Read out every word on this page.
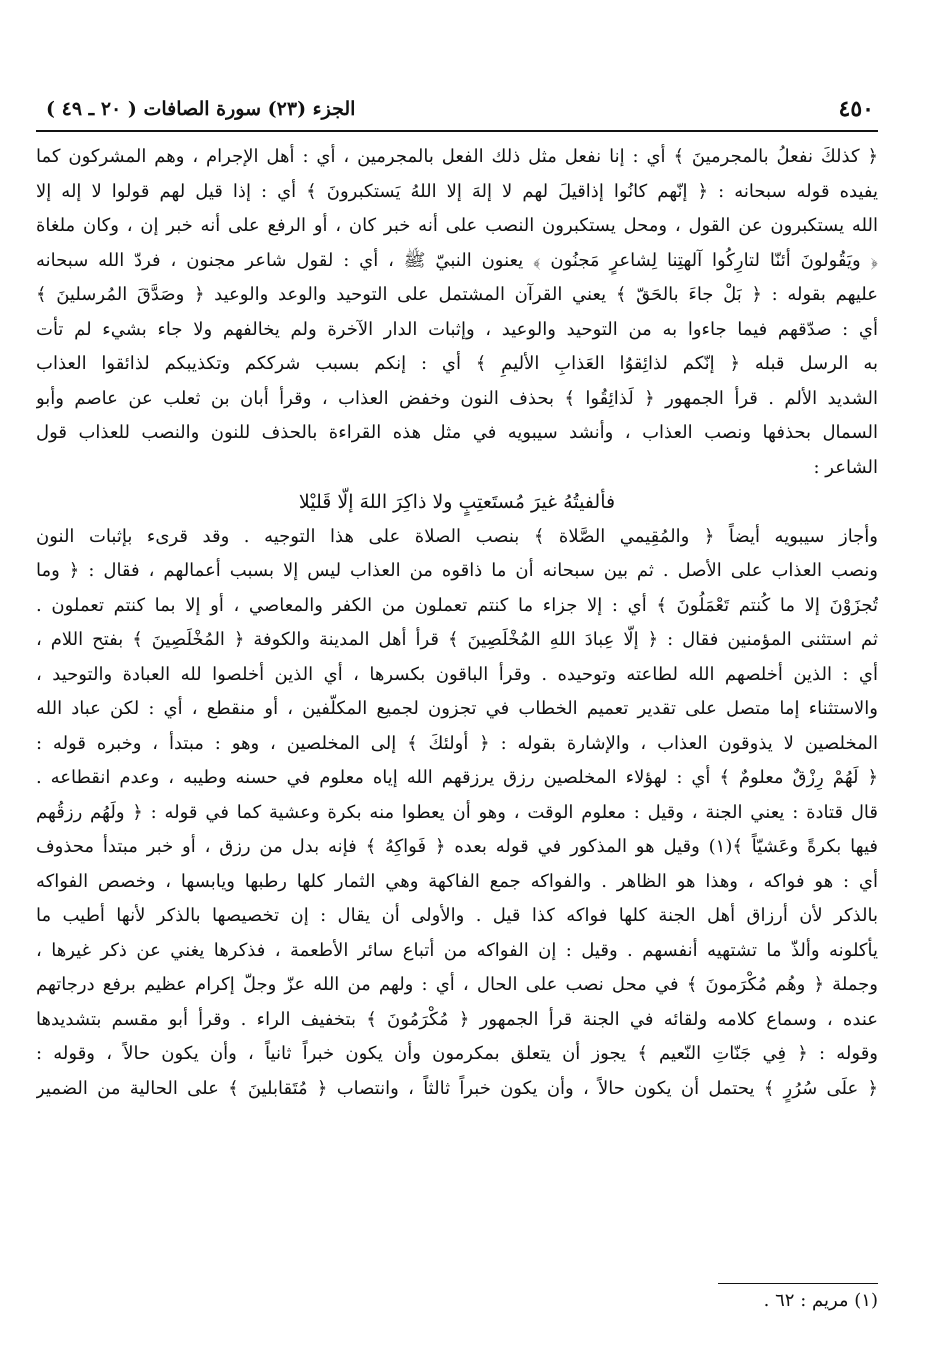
٤٥٠
الجزء (٢٣) سورة الصافات ( ٢٠ ـ ٤٩ )
﴿ كذلكَ نفعلُ بالمجرمينَ ﴾ أي : إنا نفعل مثل ذلك الفعل بالمجرمين ، أي : أهل الإجرام ، وهم المشركون كما
يفيده قوله سبحانه : ﴿ إنّهم كانُوا إذاقيلَ لهم لا إلهَ إلا اللهُ يَستكبرونَ ﴾ أي : إذا قيل لهم قولوا لا إله إلا
الله يستكبرون عن القول ، ومحل يستكبرون النصب على أنه خبر كان ، أو الرفع على أنه خبر إن ، وكان ملغاة
﴿ ويَقُولونَ أئنّا لتارِكُوا آلهتِنا لِشاعرٍ مَجنُون ﴾ يعنون النبيّ ﷺ ، أي : لقول شاعر مجنون ، فردّ الله سبحانه
عليهم بقوله : ﴿ بَلْ جاءَ بالحَقّ ﴾ يعني القرآن المشتمل على التوحيد والوعد والوعيد ﴿ وصَدَّقَ المُرسلينَ ﴾
أي : صدّقهم فيما جاءوا به من التوحيد والوعيد ، وإثبات الدار الآخرة ولم يخالفهم ولا جاء بشيء لم تأت
به الرسل قبله ﴿ إنّكم لذائِقوُا العَذابِ الأليمِ ﴾ أي : إنكم بسبب شرككم وتكذيبكم لذائقوا العذاب
الشديد الألم . قرأ الجمهور ﴿ لَذائِقُوا ﴾ بحذف النون وخفض العذاب ، وقرأ أبان بن ثعلب عن عاصم وأبو
السمال بحذفها ونصب العذاب ، وأنشد سيبويه في مثل هذه القراءة بالحذف للنون والنصب للعذاب قول
الشاعر :
فألفيتُهُ غيرَ مُستَعتِبٍ ولا ذاكِرَ اللهَ إلّا قَليْلا
وأجاز سيبويه أيضاً ﴿ والمُقِيمي الصَّلاة ﴾ بنصب الصلاة على هذا التوجيه . وقد قرىء بإثبات النون
ونصب العذاب على الأصل . ثم بين سبحانه أن ما ذاقوه من العذاب ليس إلا بسبب أعمالهم ، فقال : ﴿ وما
تُجزَوْنَ إلا ما كُنتم تَعْمَلُونَ ﴾ أي : إلا جزاء ما كنتم تعملون من الكفر والمعاصي ، أو إلا بما كنتم تعملون .
ثم استثنى المؤمنين فقال : ﴿ إلّا عِبادَ اللهِ المُخْلَصِينَ ﴾ قرأ أهل المدينة والكوفة ﴿ المُخْلَصِينَ ﴾ بفتح اللام ،
أي : الذين أخلصهم الله لطاعته وتوحيده . وقرأ الباقون بكسرها ، أي الذين أخلصوا لله العبادة والتوحيد ،
والاستثناء إما متصل على تقدير تعميم الخطاب في تجزون لجميع المكلّفين ، أو منقطع ، أي : لكن عباد الله
المخلصين لا يذوقون العذاب ، والإشارة بقوله : ﴿ أولئكَ ﴾ إلى المخلصين ، وهو : مبتدأ ، وخبره قوله :
﴿ لَهُمْ رِزْقٌ معلومٌ ﴾ أي : لهؤلاء المخلصين رزق يرزقهم الله إياه معلوم في حسنه وطيبه ، وعدم انقطاعه .
قال قتادة : يعني الجنة ، وقيل : معلوم الوقت ، وهو أن يعطوا منه بكرة وعشية كما في قوله : ﴿ ولَهُم رزقُهم
فيها بكرةً وعَشيّاً ﴾(١) وقيل هو المذكور في قوله بعده ﴿ فَواكِهُ ﴾ فإنه بدل من رزق ، أو خبر مبتدأ محذوف
أي : هو فواكه ، وهذا هو الظاهر . والفواكه جمع الفاكهة وهي الثمار كلها رطبها ويابسها ، وخصص الفواكه
بالذكر لأن أرزاق أهل الجنة كلها فواكه كذا قيل . والأولى أن يقال : إن تخصيصها بالذكر لأنها أطيب ما
يأكلونه وألذّ ما تشتهيه أنفسهم . وقيل : إن الفواكه من أتباع سائر الأطعمة ، فذكرها يغني عن ذكر غيرها ،
وجملة ﴿ وهُم مُكْرَمونَ ﴾ في محل نصب على الحال ، أي : ولهم من الله عزّ وجلّ إكرام عظيم برفع درجاتهم
عنده ، وسماع كلامه ولقائه في الجنة قرأ الجمهور ﴿ مُكْرَمُونَ ﴾ بتخفيف الراء . وقرأ أبو مقسم بتشديدها
وقوله : ﴿ فِي جَنّاتِ النّعيم ﴾ يجوز أن يتعلق بمكرمون وأن يكون خبراً ثانياً ، وأن يكون حالاً ، وقوله :
﴿ علَى سُرُرٍ ﴾ يحتمل أن يكون حالاً ، وأن يكون خبراً ثالثاً ، وانتصاب ﴿ مُتَقابلينَ ﴾ على الحالية من الضمير
(١) مريم : ٦٢ .
